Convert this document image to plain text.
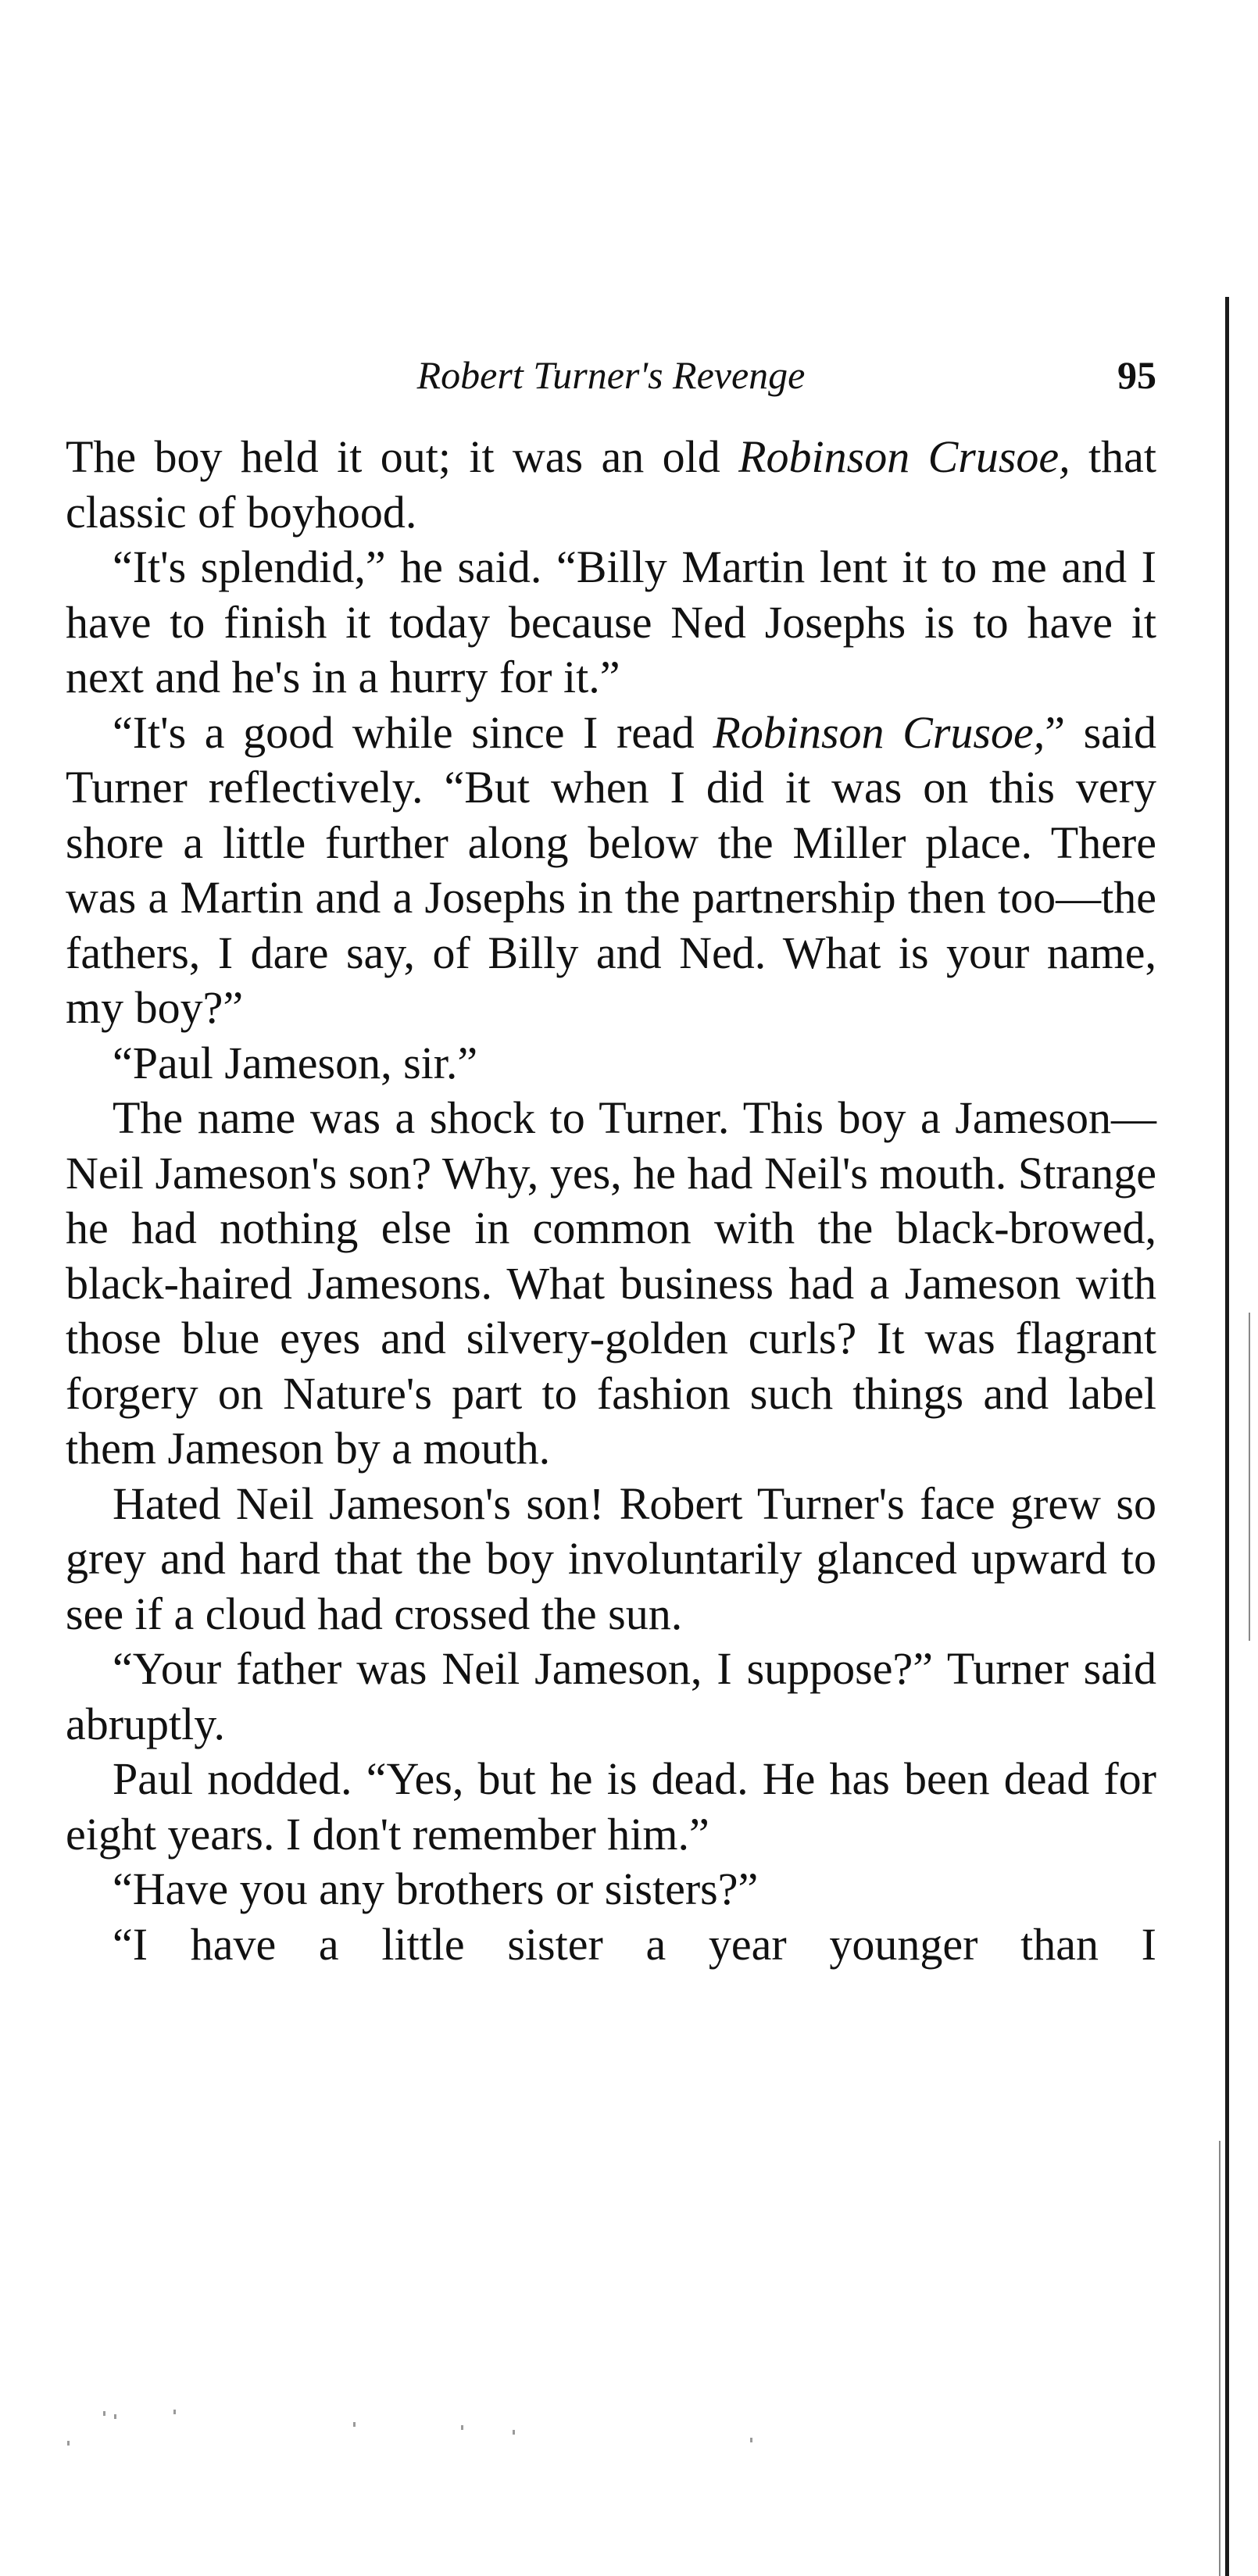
Robert Turner's Revenge	95

The boy held it out; it was an old Robinson Crusoe, that classic of boyhood.

“It's splendid,” he said. “Billy Martin lent it to me and I have to finish it today because Ned Josephs is to have it next and he's in a hurry for it.”

“It's a good while since I read Robinson Crusoe,” said Turner reflectively. “But when I did it was on this very shore a little further along below the Miller place. There was a Martin and a Josephs in the partnership then too—the fathers, I dare say, of Billy and Ned. What is your name, my boy?”

“Paul Jameson, sir.”

The name was a shock to Turner. This boy a Jameson—Neil Jameson's son? Why, yes, he had Neil's mouth. Strange he had nothing else in common with the black-browed, black-haired Jamesons. What business had a Jameson with those blue eyes and silvery-golden curls? It was flagrant forgery on Nature's part to fashion such things and label them Jameson by a mouth.

Hated Neil Jameson's son! Robert Turner's face grew so grey and hard that the boy involuntarily glanced upward to see if a cloud had crossed the sun.

“Your father was Neil Jameson, I suppose?” Turner said abruptly.

Paul nodded. “Yes, but he is dead. He has been dead for eight years. I don't remember him.”

“Have you any brothers or sisters?”

“I have a little sister a year younger than I
